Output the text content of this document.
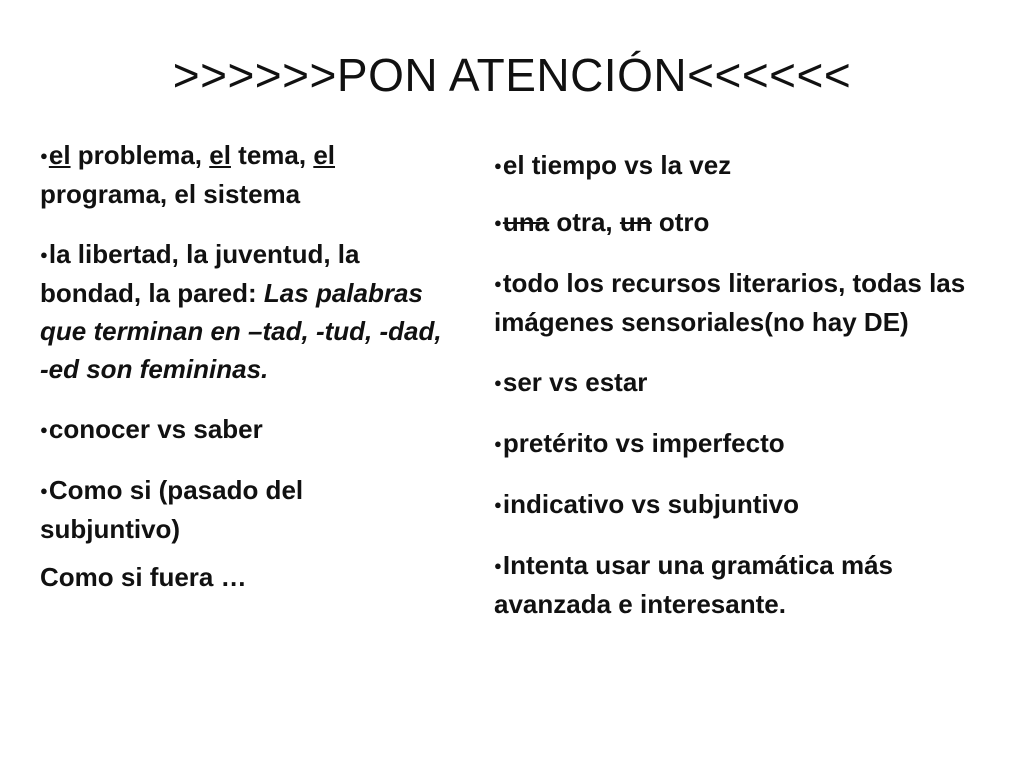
>>>>>>PON ATENCIÓN<<<<<<
●el problema, el tema, el programa, el sistema
●la libertad, la juventud, la bondad, la pared: Las palabras que terminan en –tad, -tud, -dad, -ed son femininas.
●conocer vs saber
●Como si (pasado del subjuntivo)
Como si fuera …
●el tiempo vs la vez
●una otra, un otro
●todo los recursos literarios, todas las imágenes sensoriales(no hay DE)
●ser vs estar
●pretérito vs imperfecto
●indicativo vs subjuntivo
●Intenta usar una gramática más avanzada e interesante.
